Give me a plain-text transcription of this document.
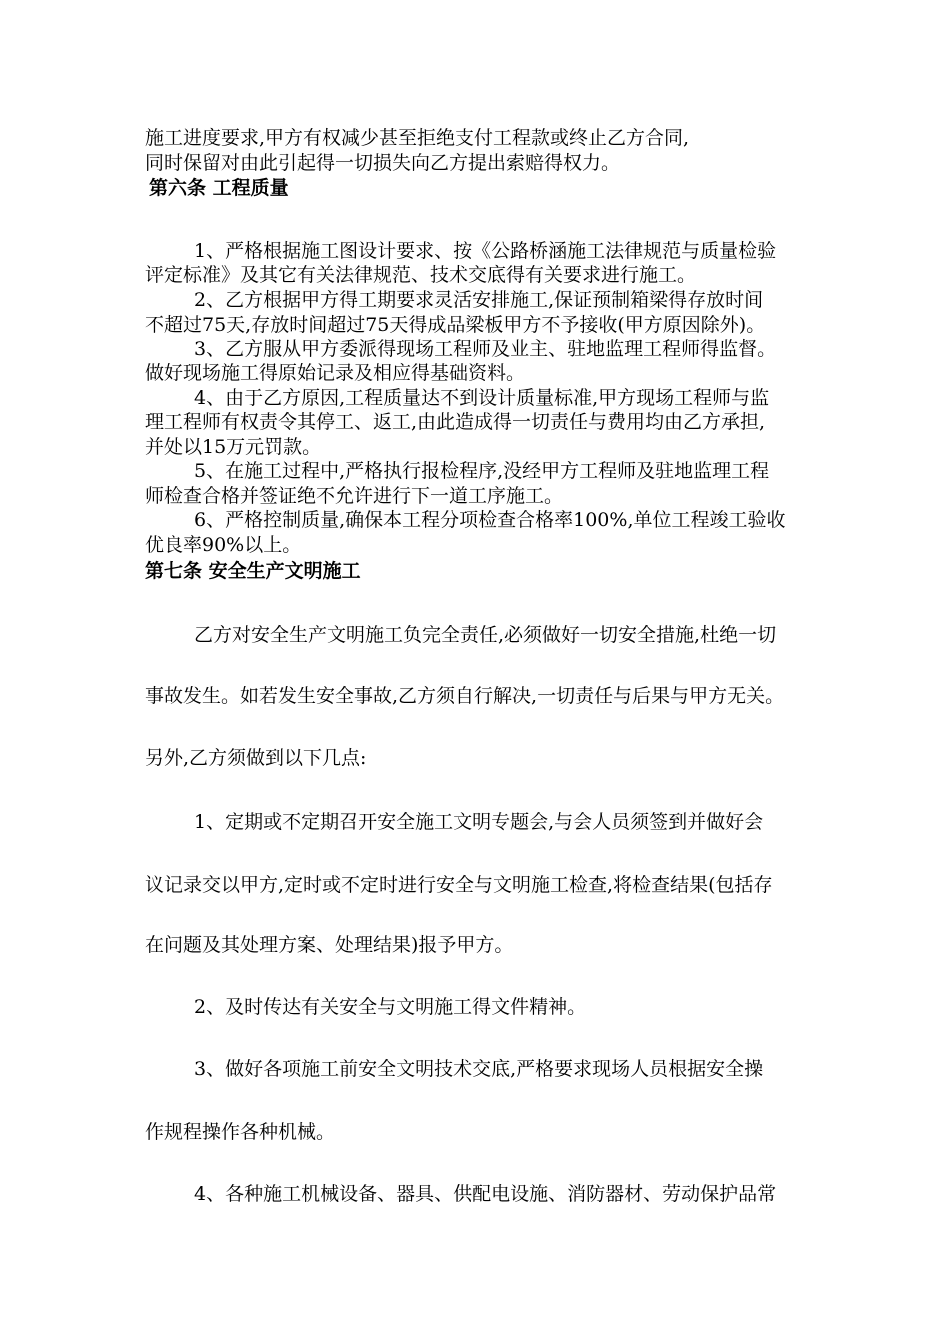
施工进度要求,甲方有权减少甚至拒绝支付工程款或终止乙方合同,
同时保留对由此引起得一切损失向乙方提出索赔得权力。
第六条 工程质量
1、严格根据施工图设计要求、按《公路桥涵施工法律规范与质量检验
评定标准》及其它有关法律规范、技术交底得有关要求进行施工。
2、乙方根据甲方得工期要求灵活安排施工,保证预制箱梁得存放时间
不超过75天,存放时间超过75天得成品梁板甲方不予接收(甲方原因除外)。
3、乙方服从甲方委派得现场工程师及业主、驻地监理工程师得监督。
做好现场施工得原始记录及相应得基础资料。
4、由于乙方原因,工程质量达不到设计质量标准,甲方现场工程师与监
理工程师有权责令其停工、返工,由此造成得一切责任与费用均由乙方承担,
并处以15万元罚款。
5、在施工过程中,严格执行报检程序,没经甲方工程师及驻地监理工程
师检查合格并签证绝不允许进行下一道工序施工。
6、严格控制质量,确保本工程分项检查合格率100%,单位工程竣工验收
优良率90%以上。
第七条 安全生产文明施工
乙方对安全生产文明施工负完全责任,必须做好一切安全措施,杜绝一切
事故发生。如若发生安全事故,乙方须自行解决,一切责任与后果与甲方无关。
另外,乙方须做到以下几点:
1、定期或不定期召开安全施工文明专题会,与会人员须签到并做好会
议记录交以甲方,定时或不定时进行安全与文明施工检查,将检查结果(包括存
在问题及其处理方案、处理结果)报予甲方。
2、及时传达有关安全与文明施工得文件精神。
3、做好各项施工前安全文明技术交底,严格要求现场人员根据安全操
作规程操作各种机械。
4、各种施工机械设备、器具、供配电设施、消防器材、劳动保护品常
